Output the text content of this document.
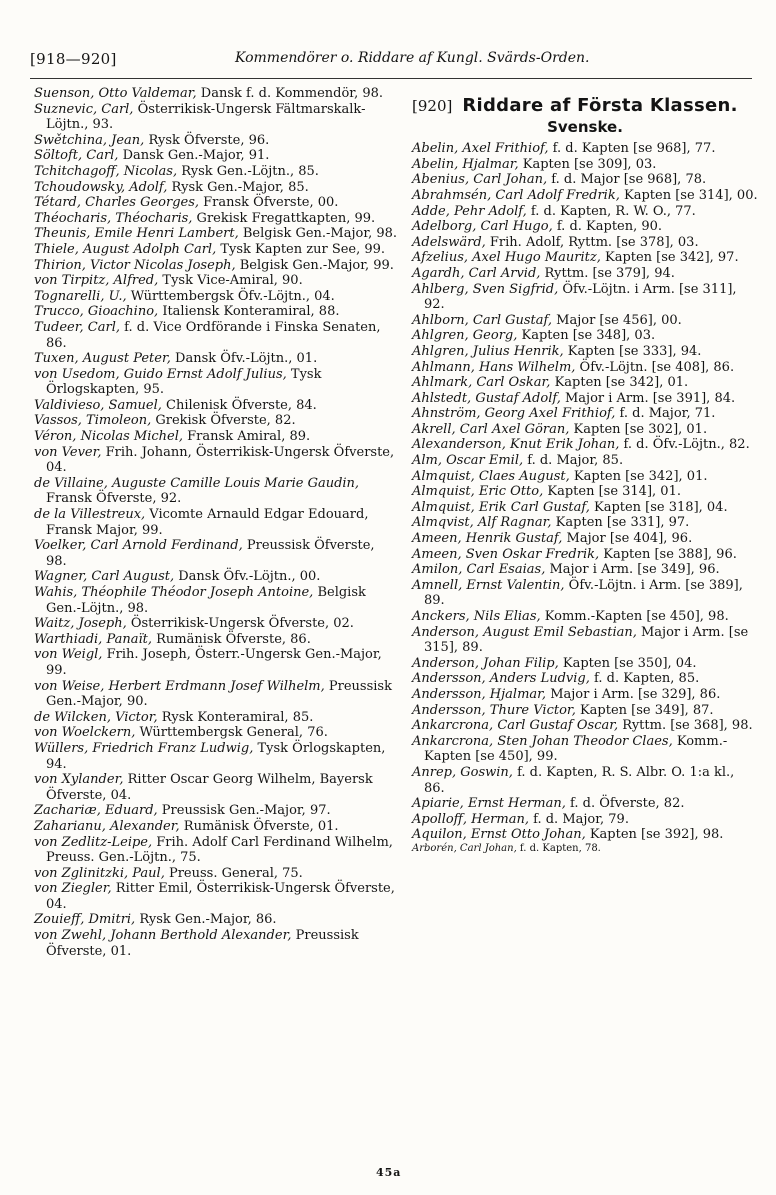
[918—920]	Kommendörer o. Riddare af Kungl. Svärds-Orden.
Suenson, Otto Valdemar, Dansk f. d. Kommendör, 98.
Suznevic, Carl, Österrikisk-Ungersk Fältmarskalk-Löjtn., 93.
Swětchina, Jean, Rysk Öfverste, 96.
Söltoft, Carl, Dansk Gen.-Major, 91.
Tchitchagoff, Nicolas, Rysk Gen.-Löjtn., 85.
Tchoudowsky, Adolf, Rysk Gen.-Major, 85.
Tétard, Charles Georges, Fransk Öfverste, 00.
Théocharis, Théocharis, Grekisk Fregattkapten, 99.
Theunis, Emile Henri Lambert, Belgisk Gen.-Major, 98.
Thiele, August Adolph Carl, Tysk Kapten zur See, 99.
Thirion, Victor Nicolas Joseph, Belgisk Gen.-Major, 99.
von Tirpitz, Alfred, Tysk Vice-Amiral, 90.
Tognarelli, U., Württembergsk Öfv.-Löjtn., 04.
Trucco, Gioachino, Italiensk Konteramiral, 88.
Tudeer, Carl, f. d. Vice Ordförande i Finska Senaten, 86.
Tuxen, August Peter, Dansk Öfv.-Löjtn., 01.
von Usedom, Guido Ernst Adolf Julius, Tysk Örlogskapten, 95.
Valdivieso, Samuel, Chilenisk Öfverste, 84.
Vassos, Timoleon, Grekisk Öfverste, 82.
Véron, Nicolas Michel, Fransk Amiral, 89.
von Vever, Frih. Johann, Österrikisk-Ungersk Öfverste, 04.
de Villaine, Auguste Camille Louis Marie Gaudin, Fransk Öfverste, 92.
de la Villestreux, Vicomte Arnauld Edgar Edouard, Fransk Major, 99.
Voelker, Carl Arnold Ferdinand, Preussisk Öfverste, 98.
Wagner, Carl August, Dansk Öfv.-Löjtn., 00.
Wahis, Théophile Théodor Joseph Antoine, Belgisk Gen.-Löjtn., 98.
Waitz, Joseph, Österrikisk-Ungersk Öfverste, 02.
Warthiadi, Panaït, Rumänisk Öfverste, 86.
von Weigl, Frih. Joseph, Österr.-Ungersk Gen.-Major, 99.
von Weise, Herbert Erdmann Josef Wilhelm, Preussisk Gen.-Major, 90.
de Wilcken, Victor, Rysk Konteramiral, 85.
von Woelckern, Württembergsk General, 76.
Wüllers, Friedrich Franz Ludwig, Tysk Örlogskapten, 94.
von Xylander, Ritter Oscar Georg Wilhelm, Bayersk Öfverste, 04.
Zachariæ, Eduard, Preussisk Gen.-Major, 97.
Zaharianu, Alexander, Rumänisk Öfverste, 01.
von Zedlitz-Leipe, Frih. Adolf Carl Ferdinand Wilhelm, Preuss. Gen.-Löjtn., 75.
von Zglinitzki, Paul, Preuss. General, 75.
von Ziegler, Ritter Emil, Österrikisk-Ungersk Öfverste, 04.
Zouieff, Dmitri, Rysk Gen.-Major, 86.
von Zwehl, Johann Berthold Alexander, Preussisk Öfverste, 01.
[920] Riddare af Första Klassen.
Svenske.
Abelin, Axel Frithiof, f. d. Kapten [se 968], 77.
Abelin, Hjalmar, Kapten [se 309], 03.
Abenius, Carl Johan, f. d. Major [se 968], 78.
Abrahmsén, Carl Adolf Fredrik, Kapten [se 314], 00.
Adde, Pehr Adolf, f. d. Kapten, R. W. O., 77.
Adelborg, Carl Hugo, f. d. Kapten, 90.
Adelswärd, Frih. Adolf, Ryttm. [se 378], 03.
Afzelius, Axel Hugo Mauritz, Kapten [se 342], 97.
Agardh, Carl Arvid, Ryttm. [se 379], 94.
Ahlberg, Sven Sigfrid, Öfv.-Löjtn. i Arm. [se 311], 92.
Ahlborn, Carl Gustaf, Major [se 456], 00.
Ahlgren, Georg, Kapten [se 348], 03.
Ahlgren, Julius Henrik, Kapten [se 333], 94.
Ahlmann, Hans Wilhelm, Öfv.-Löjtn. [se 408], 86.
Ahlmark, Carl Oskar, Kapten [se 342], 01.
Ahlstedt, Gustaf Adolf, Major i Arm. [se 391], 84.
Ahnström, Georg Axel Frithiof, f. d. Major, 71.
Akrell, Carl Axel Göran, Kapten [se 302], 01.
Alexanderson, Knut Erik Johan, f. d. Öfv.-Löjtn., 82.
Alm, Oscar Emil, f. d. Major, 85.
Almquist, Claes August, Kapten [se 342], 01.
Almquist, Eric Otto, Kapten [se 314], 01.
Almquist, Erik Carl Gustaf, Kapten [se 318], 04.
Almqvist, Alf Ragnar, Kapten [se 331], 97.
Ameen, Henrik Gustaf, Major [se 404], 96.
Ameen, Sven Oskar Fredrik, Kapten [se 388], 96.
Amilon, Carl Esaias, Major i Arm. [se 349], 96.
Amnell, Ernst Valentin, Öfv.-Löjtn. i Arm. [se 389], 89.
Anckers, Nils Elias, Komm.-Kapten [se 450], 98.
Anderson, August Emil Sebastian, Major i Arm. [se 315], 89.
Anderson, Johan Filip, Kapten [se 350], 04.
Andersson, Anders Ludvig, f. d. Kapten, 85.
Andersson, Hjalmar, Major i Arm. [se 329], 86.
Andersson, Thure Victor, Kapten [se 349], 87.
Ankarcrona, Carl Gustaf Oscar, Ryttm. [se 368], 98.
Ankarcrona, Sten Johan Theodor Claes, Komm.-Kapten [se 450], 99.
Anrep, Goswin, f. d. Kapten, R. S. Albr. O. 1:a kl., 86.
Apiarie, Ernst Herman, f. d. Öfverste, 82.
Apolloff, Herman, f. d. Major, 79.
Aquilon, Ernst Otto Johan, Kapten [se 392], 98.
Arborén, Carl Johan, f. d. Kapten, 78.
45a
